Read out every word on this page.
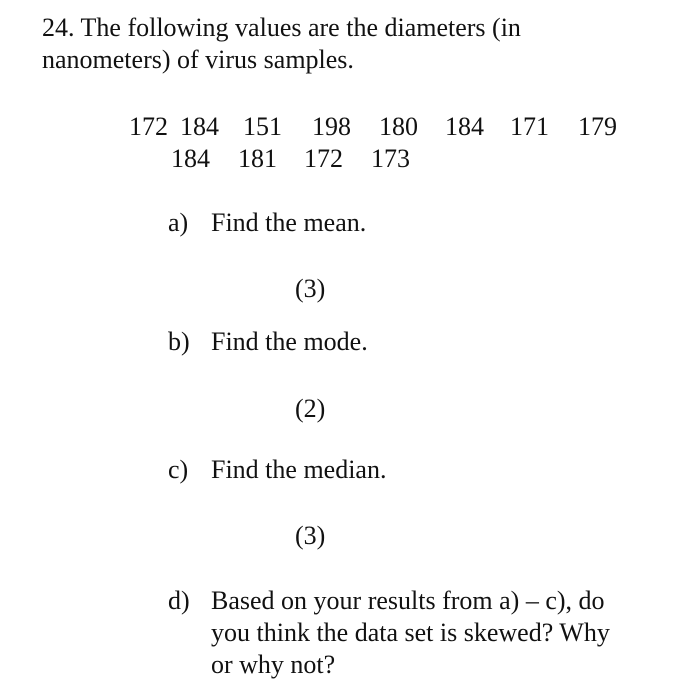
24. The following values are the diameters (in
nanometers) of virus samples.
172 184 151 198 180 184 171 179
184 181 172 173
a) Find the mean.
(3)
b) Find the mode.
(2)
c) Find the median.
(3)
d) Based on your results from a) – c), do
you think the data set is skewed? Why
or why not?
